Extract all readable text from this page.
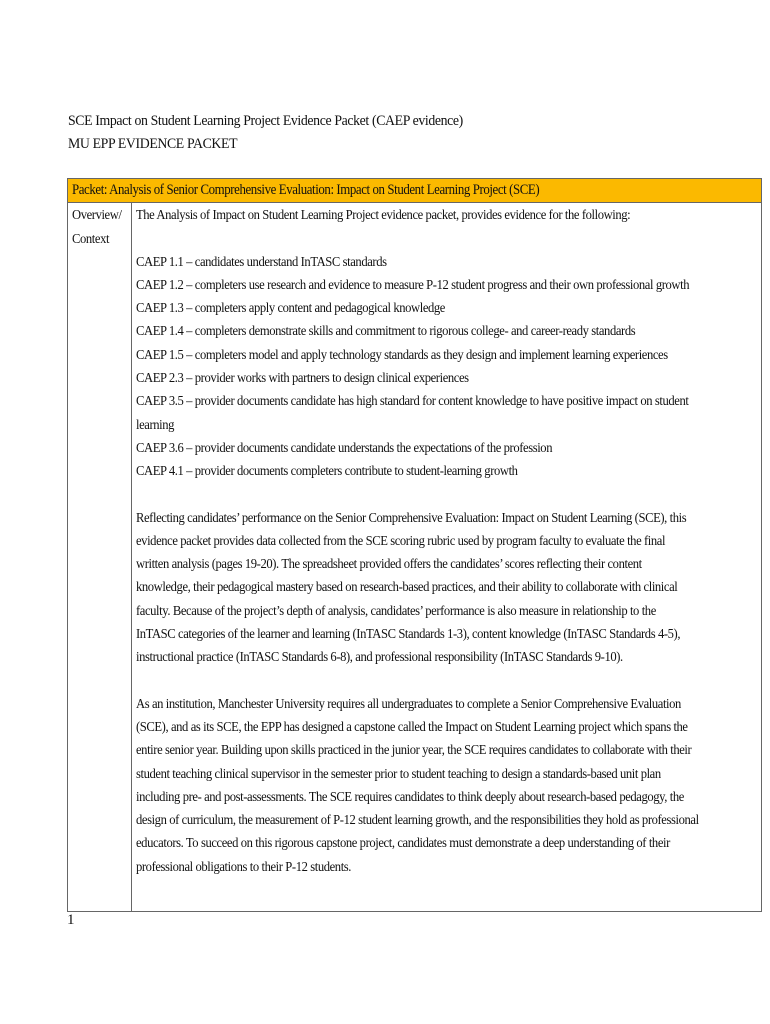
SCE Impact on Student Learning Project Evidence Packet (CAEP evidence)
MU EPP EVIDENCE PACKET
Packet: Analysis of Senior Comprehensive Evaluation: Impact on Student Learning Project (SCE)

Overview/
Context

The Analysis of Impact on Student Learning Project evidence packet, provides evidence for the following:
CAEP 1.1 – candidates understand InTASC standards
CAEP 1.2 – completers use research and evidence to measure P-12 student progress and their own professional growth
CAEP 1.3 – completers apply content and pedagogical knowledge
CAEP 1.4 – completers demonstrate skills and commitment to rigorous college- and career-ready standards
CAEP 1.5 – completers model and apply technology standards as they design and implement learning experiences
CAEP 2.3 – provider works with partners to design clinical experiences
CAEP 3.5 – provider documents candidate has high standard for content knowledge to have positive impact on student
learning
CAEP 3.6 – provider documents candidate understands the expectations of the profession
CAEP 4.1 – provider documents completers contribute to student-learning growth
Reflecting candidates’ performance on the Senior Comprehensive Evaluation: Impact on Student Learning (SCE), this
evidence packet provides data collected from the SCE scoring rubric used by program faculty to evaluate the final
written analysis (pages 19-20). The spreadsheet provided offers the candidates’ scores reflecting their content
knowledge, their pedagogical mastery based on research-based practices, and their ability to collaborate with clinical
faculty. Because of the project’s depth of analysis, candidates’ performance is also measure in relationship to the
InTASC categories of the learner and learning (InTASC Standards 1-3), content knowledge (InTASC Standards 4-5),
instructional practice (InTASC Standards 6-8), and professional responsibility (InTASC Standards 9-10).
As an institution, Manchester University requires all undergraduates to complete a Senior Comprehensive Evaluation
(SCE), and as its SCE, the EPP has designed a capstone called the Impact on Student Learning project which spans the
entire senior year. Building upon skills practiced in the junior year, the SCE requires candidates to collaborate with their
student teaching clinical supervisor in the semester prior to student teaching to design a standards-based unit plan
including pre- and post-assessments. The SCE requires candidates to think deeply about research-based pedagogy, the
design of curriculum, the measurement of P-12 student learning growth, and the responsibilities they hold as professional
educators. To succeed on this rigorous capstone project, candidates must demonstrate a deep understanding of their
professional obligations to their P-12 students.
1
